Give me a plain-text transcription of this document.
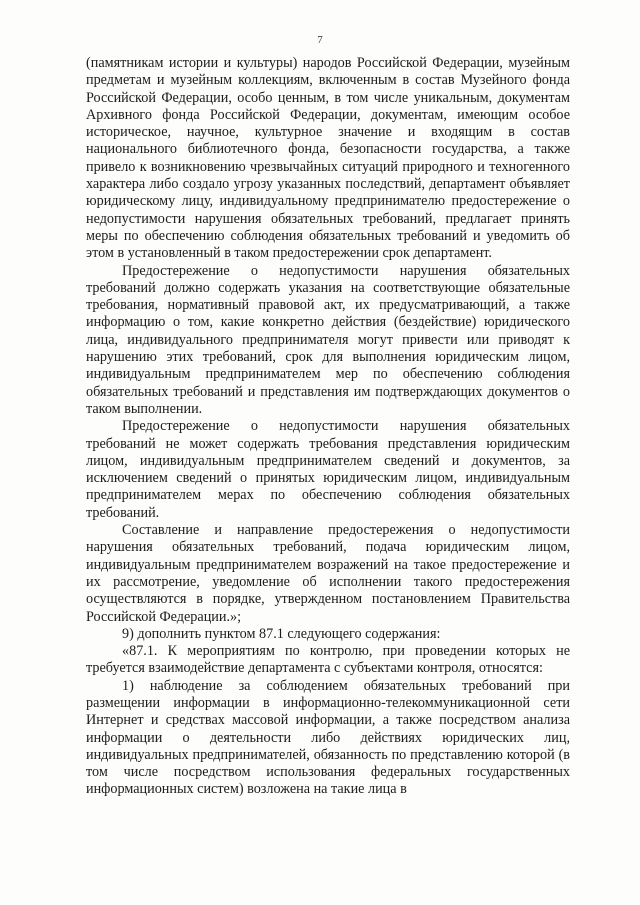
7

(памятникам истории и культуры) народов Российской Федерации, музейным предметам и музейным коллекциям, включенным в состав Музейного фонда Российской Федерации, особо ценным, в том числе уникальным, документам Архивного фонда Российской Федерации, документам, имеющим особое историческое, научное, культурное значение и входящим в состав национального библиотечного фонда, безопасности государства, а также привело к возникновению чрезвычайных ситуаций природного и техногенного характера либо создало угрозу указанных последствий, департамент объявляет юридическому лицу, индивидуальному предпринимателю предостережение о недопустимости нарушения обязательных требований, предлагает принять меры по обеспечению соблюдения обязательных требований и уведомить об этом в установленный в таком предостережении срок департамент.

Предостережение о недопустимости нарушения обязательных требований должно содержать указания на соответствующие обязательные требования, нормативный правовой акт, их предусматривающий, а также информацию о том, какие конкретно действия (бездействие) юридического лица, индивидуального предпринимателя могут привести или приводят к нарушению этих требований, срок для выполнения юридическим лицом, индивидуальным предпринимателем мер по обеспечению соблюдения обязательных требований и представления им подтверждающих документов о таком выполнении.

Предостережение о недопустимости нарушения обязательных требований не может содержать требования представления юридическим лицом, индивидуальным предпринимателем сведений и документов, за исключением сведений о принятых юридическим лицом, индивидуальным предпринимателем мерах по обеспечению соблюдения обязательных требований.

Составление и направление предостережения о недопустимости нарушения обязательных требований, подача юридическим лицом, индивидуальным предпринимателем возражений на такое предостережение и их рассмотрение, уведомление об исполнении такого предостережения осуществляются в порядке, утвержденном постановлением Правительства Российской Федерации.»;

9) дополнить пунктом 87.1 следующего содержания:

«87.1. К мероприятиям по контролю, при проведении которых не требуется взаимодействие департамента с субъектами контроля, относятся:

1) наблюдение за соблюдением обязательных требований при размещении информации в информационно-телекоммуникационной сети Интернет и средствах массовой информации, а также посредством анализа информации о деятельности либо действиях юридических лиц, индивидуальных предпринимателей, обязанность по представлению которой (в том числе посредством использования федеральных государственных информационных систем) возложена на такие лица в
